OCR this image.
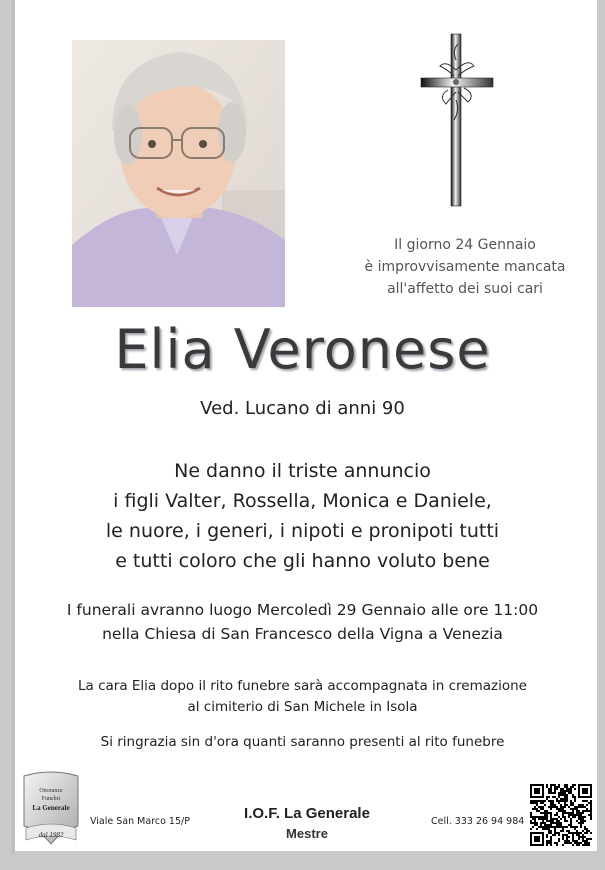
Il giorno 24 Gennaio
è improvvisamente mancata
all'affetto dei suoi cari
Elia Veronese
Ved. Lucano di anni 90
Ne danno il triste annuncio
i figli Valter, Rossella, Monica e Daniele,
le nuore, i generi, i nipoti e pronipoti tutti
e tutti coloro che gli hanno voluto bene
I funerali avranno luogo Mercoledì 29 Gennaio alle ore 11:00
nella Chiesa di San Francesco della Vigna a Venezia
La cara Elia dopo il rito funebre sarà accompagnata in cremazione
al cimiterio di San Michele in Isola
Si ringrazia sin d'ora quanti saranno presenti al rito funebre
Onoranze
Funebri
La Generale
dal 1982
Viale San Marco 15/P	I.O.F. La Generale
Mestre
Cell. 333 26 94 984
